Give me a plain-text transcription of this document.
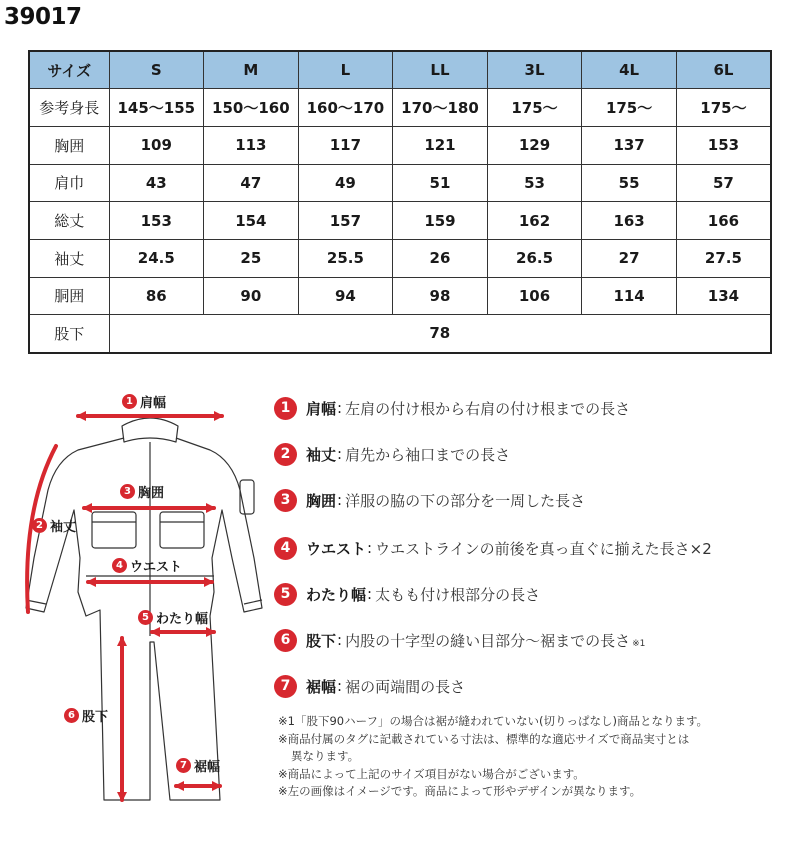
39017
サイズ	S	M	L	LL	3L	4L	6L
参考身長	145〜155	150〜160	160〜170	170〜180	175〜	175〜	175〜
胸囲	109	113	117	121	129	137	153
肩巾	43	47	49	51	53	55	57
総丈	153	154	157	159	162	163	166
袖丈	24.5	25	25.5	26	26.5	27	27.5
胴囲	86	90	94	98	106	114	134
股下	78						
1 肩幅
2 袖丈
3 胸囲
4 ウエスト
5 わたり幅
6 股下
7 裾幅
1	肩幅 : 左肩の付け根から右肩の付け根までの長さ
2	袖丈 : 肩先から袖口までの長さ
3	胸囲 : 洋服の脇の下の部分を一周した長さ
4	ウエスト : ウエストラインの前後を真っ直ぐに揃えた長さ×2
5	わたり幅 : 太もも付け根部分の長さ
6	股下 : 内股の十字型の縫い目部分〜裾までの長さ ※1
7	裾幅 : 裾の両端間の長さ
※1「股下90ハーフ」の場合は裾が縫われていない(切りっぱなし)商品となります。
※商品付属のタグに記載されている寸法は、標準的な適応サイズで商品実寸とは
異なります。
※商品によって上記のサイズ項目がない場合がございます。
※左の画像はイメージです。商品によって形やデザインが異なります。
